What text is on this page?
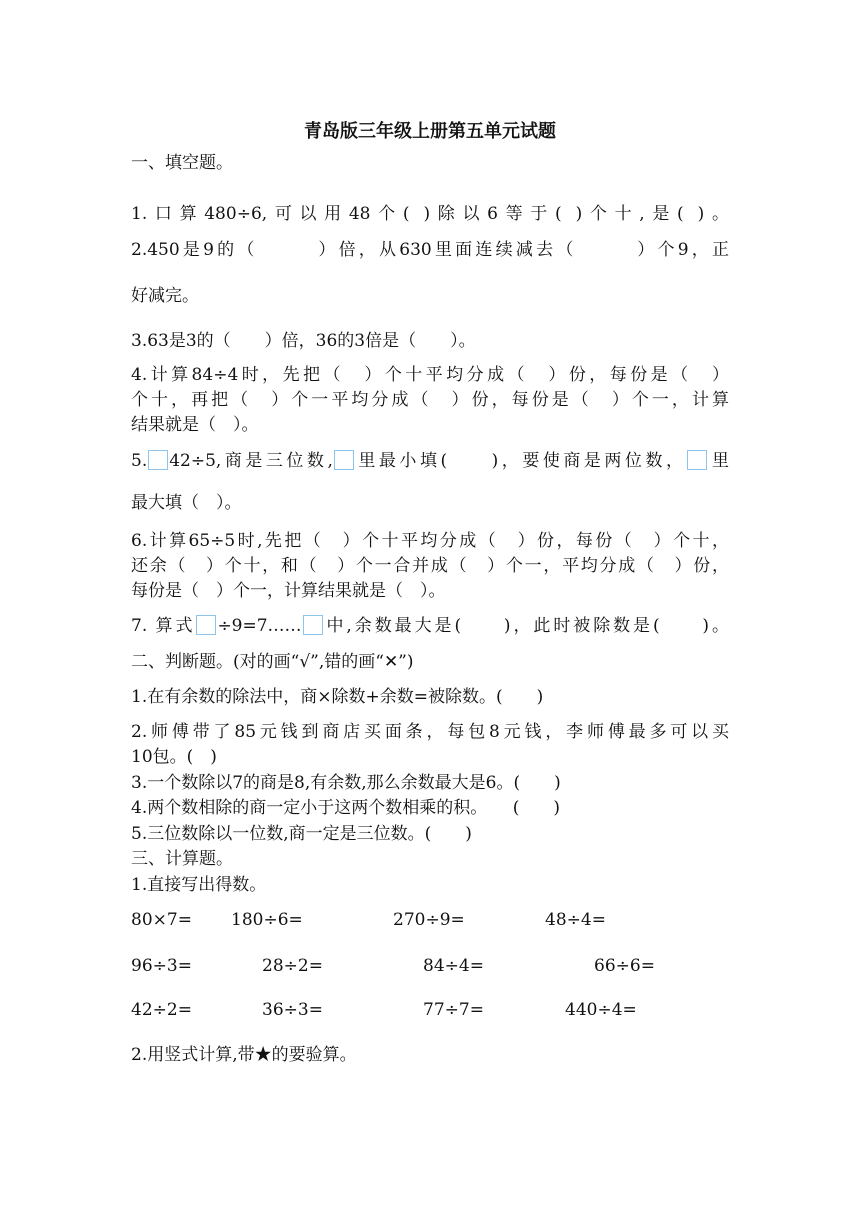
青岛版三年级上册第五单元试题
一、填空题。
1.口算480÷6,可以用48个( )除以6等于( )个十,是( )。
2.450是9的（　　　）倍，从630里面连续减去（　　　）个9，正
好减完。
3.63是3的（　　）倍，36的3倍是（　　）。
4.计算84÷4时，先把（　）个十平均分成（　）份，每份是（　）
个十，再把（　）个一平均分成（　）份，每份是（　）个一，计算
结果就是（　）。
5. 42÷5,商是三位数, 里最小填(　　)，要使商是两位数， 里
最大填（　）。
6.计算65÷5时,先把（　）个十平均分成（　）份，每份（　）个十，
还余（　）个十，和（　）个一合并成（　）个一，平均分成（　）份，
每份是（　）个一，计算结果就是（　）。
7. 算式 ÷9=7…… 中,余数最大是(　　)，此时被除数是(　　)。
二、判断题。(对的画“√”,错的画“✕”)
1.在有余数的除法中，商×除数+余数=被除数。(　　)
2.师傅带了85元钱到商店买面条，每包8元钱，李师傅最多可以买
10包。(　)
3.一个数除以7的商是8,有余数,那么余数最大是6。(　　)
4.两个数相除的商一定小于这两个数相乘的积。　　(　　)
5.三位数除以一位数,商一定是三位数。(　　)
三、计算题。
1.直接写出得数。
80×7= 180÷6=	270÷9=	48÷4=
96÷3=	28÷2=	84÷4=	66÷6=
42÷2=	36÷3=	77÷7=	440÷4=
2.用竖式计算,带★的要验算。
